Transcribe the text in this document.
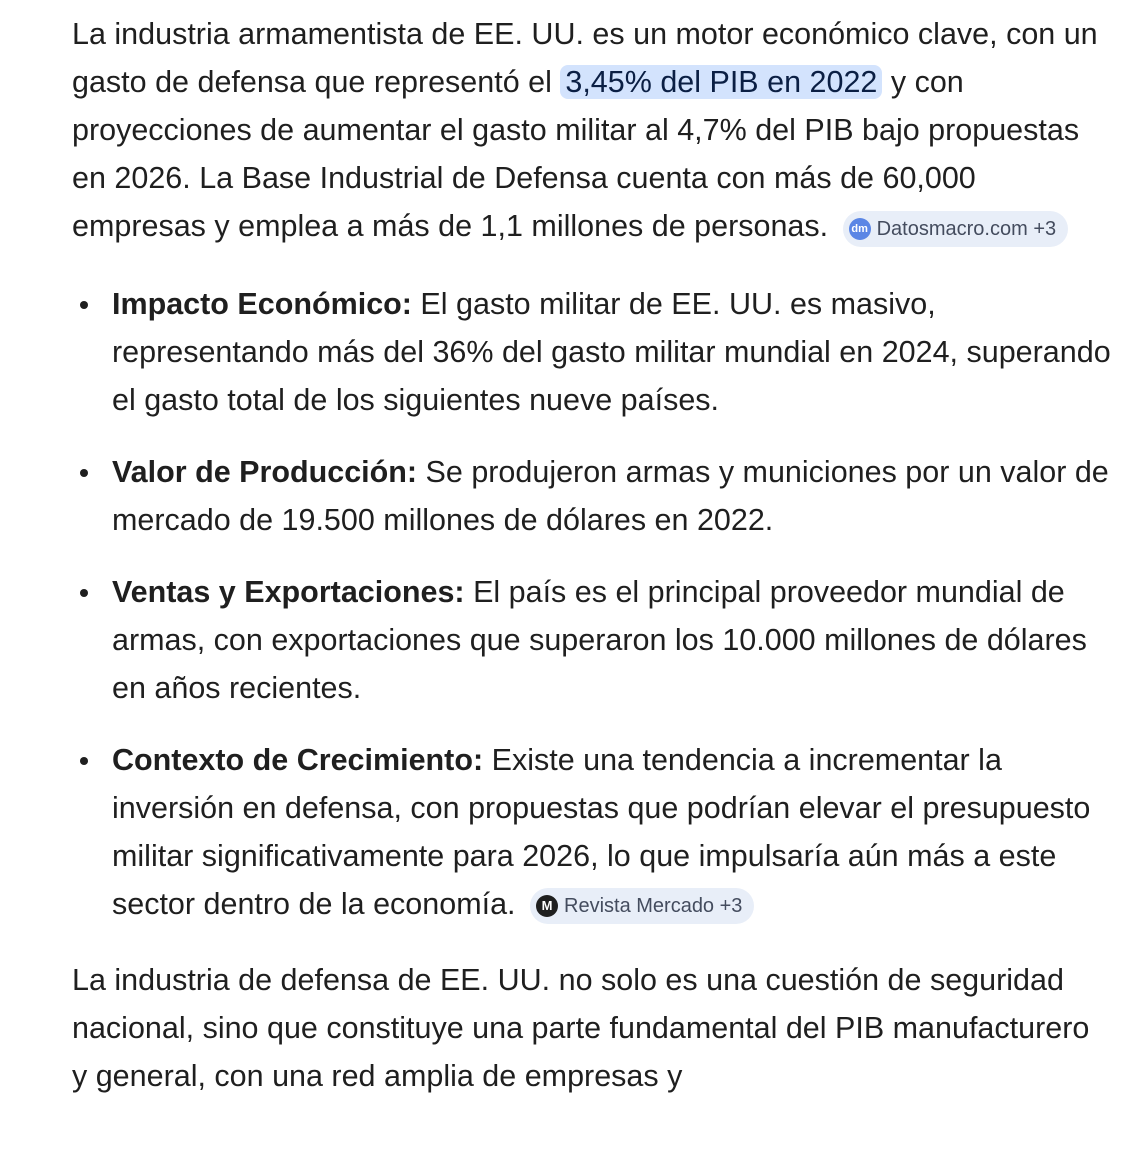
La industria armamentista de EE. UU. es un motor económico clave, con un gasto de defensa que representó el 3,45% del PIB en 2022 y con proyecciones de aumentar el gasto militar al 4,7% del PIB bajo propuestas en 2026. La Base Industrial de Defensa cuenta con más de 60,000 empresas y emplea a más de 1,1 millones de personas. dm Datosmacro.com +3

Impacto Económico: El gasto militar de EE. UU. es masivo, representando más del 36% del gasto militar mundial en 2024, superando el gasto total de los siguientes nueve países.
Valor de Producción: Se produjeron armas y municiones por un valor de mercado de 19.500 millones de dólares en 2022.
Ventas y Exportaciones: El país es el principal proveedor mundial de armas, con exportaciones que superaron los 10.000 millones de dólares en años recientes.
Contexto de Crecimiento: Existe una tendencia a incrementar la inversión en defensa, con propuestas que podrían elevar el presupuesto militar significativamente para 2026, lo que impulsaría aún más a este sector dentro de la economía.	M Revista Mercado +3

La industria de defensa de EE. UU. no solo es una cuestión de seguridad nacional, sino que constituye una parte fundamental del PIB manufacturero y general, con una red amplia de empresas y
